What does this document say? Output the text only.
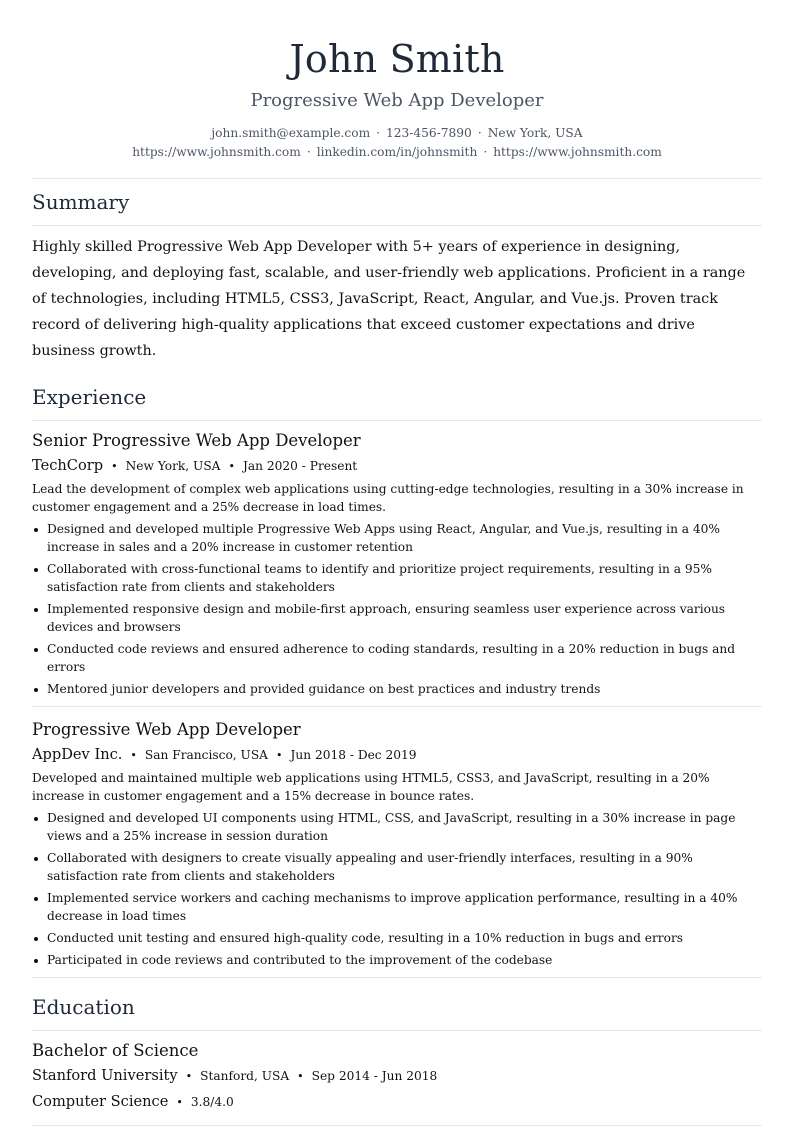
John Smith
Progressive Web App Developer
john.smith@example.com · 123-456-7890 · New York, USA
https://www.johnsmith.com · linkedin.com/in/johnsmith · https://www.johnsmith.com
Summary
Highly skilled Progressive Web App Developer with 5+ years of experience in designing, developing, and deploying fast, scalable, and user-friendly web applications. Proficient in a range of technologies, including HTML5, CSS3, JavaScript, React, Angular, and Vue.js. Proven track record of delivering high-quality applications that exceed customer expectations and drive business growth.
Experience
Senior Progressive Web App Developer
TechCorp • New York, USA • Jan 2020 - Present
Lead the development of complex web applications using cutting-edge technologies, resulting in a 30% increase in customer engagement and a 25% decrease in load times.
Designed and developed multiple Progressive Web Apps using React, Angular, and Vue.js, resulting in a 40% increase in sales and a 20% increase in customer retention
Collaborated with cross-functional teams to identify and prioritize project requirements, resulting in a 95% satisfaction rate from clients and stakeholders
Implemented responsive design and mobile-first approach, ensuring seamless user experience across various devices and browsers
Conducted code reviews and ensured adherence to coding standards, resulting in a 20% reduction in bugs and errors
Mentored junior developers and provided guidance on best practices and industry trends
Progressive Web App Developer
AppDev Inc. • San Francisco, USA • Jun 2018 - Dec 2019
Developed and maintained multiple web applications using HTML5, CSS3, and JavaScript, resulting in a 20% increase in customer engagement and a 15% decrease in bounce rates.
Designed and developed UI components using HTML, CSS, and JavaScript, resulting in a 30% increase in page views and a 25% increase in session duration
Collaborated with designers to create visually appealing and user-friendly interfaces, resulting in a 90% satisfaction rate from clients and stakeholders
Implemented service workers and caching mechanisms to improve application performance, resulting in a 40% decrease in load times
Conducted unit testing and ensured high-quality code, resulting in a 10% reduction in bugs and errors
Participated in code reviews and contributed to the improvement of the codebase
Education
Bachelor of Science
Stanford University • Stanford, USA • Sep 2014 - Jun 2018
Computer Science • 3.8/4.0
